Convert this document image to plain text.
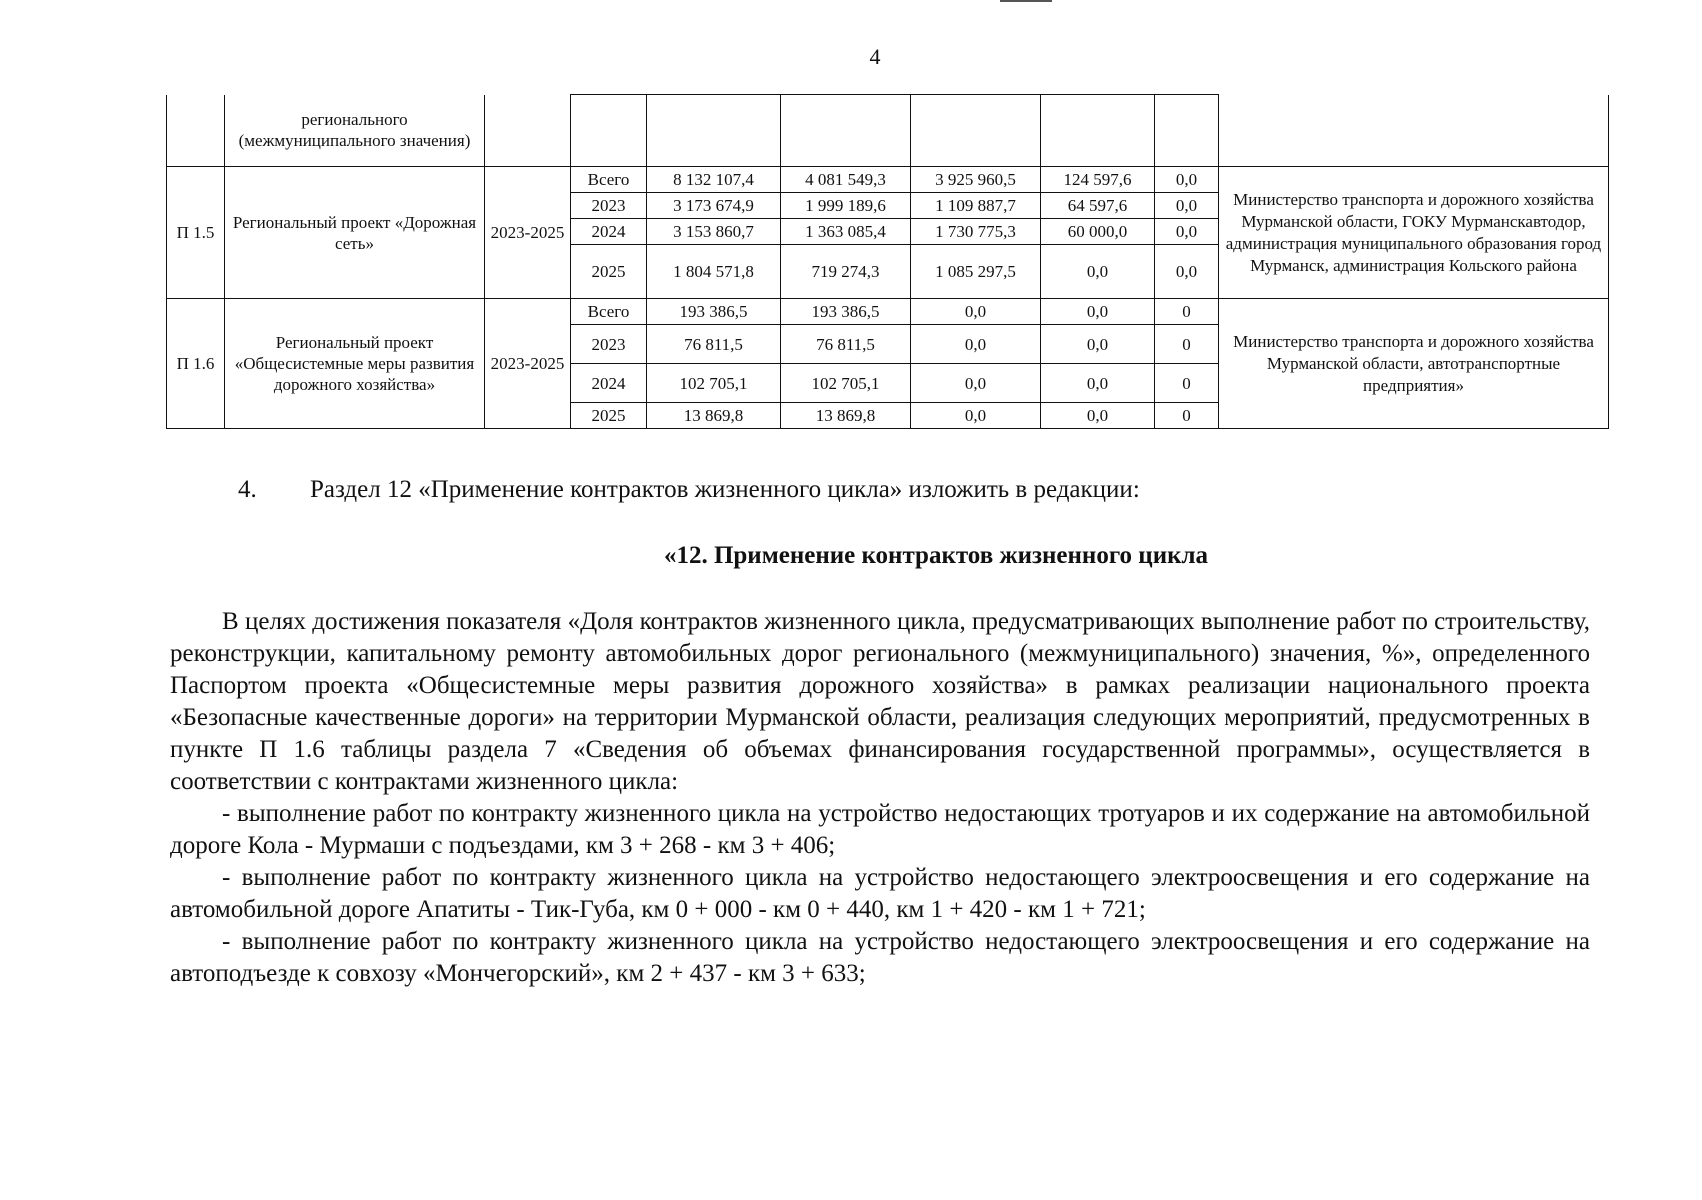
4
	регионального (межмуниципального значения)								
П 1.5	Региональный проект «Дорожная сеть»	2023-2025	Всего	8 132 107,4	4 081 549,3	3 925 960,5	124 597,6	0,0	Министерство транспорта и дорожного хозяйства Мурманской области, ГОКУ Мурманскавтодор, администрация муниципального образования город Мурманск, администрация Кольского района
			2023	3 173 674,9	1 999 189,6	1 109 887,7	64 597,6	0,0	
			2024	3 153 860,7	1 363 085,4	1 730 775,3	60 000,0	0,0	
			2025	1 804 571,8	719 274,3	1 085 297,5	0,0	0,0	
П 1.6	Региональный проект «Общесистемные меры развития дорожного хозяйства»	2023-2025	Всего	193 386,5	193 386,5	0,0	0,0	0	Министерство транспорта и дорожного хозяйства Мурманской области, автотранспортные предприятия»
			2023	76 811,5	76 811,5	0,0	0,0	0	
			2024	102 705,1	102 705,1	0,0	0,0	0	
			2025	13 869,8	13 869,8	0,0	0,0	0	
4. Раздел 12 «Применение контрактов жизненного цикла» изложить в редакции:
«12. Применение контрактов жизненного цикла

В целях достижения показателя «Доля контрактов жизненного цикла, предусматривающих выполнение работ по строительству, реконструкции, капитальному ремонту автомобильных дорог регионального (межмуниципального) значения, %», определенного Паспортом проекта «Общесистемные меры развития дорожного хозяйства» в рамках реализации национального проекта «Безопасные качественные дороги» на территории Мурманской области, реализация следующих мероприятий, предусмотренных в пункте П 1.6 таблицы раздела 7 «Сведения об объемах финансирования государственной программы», осуществляется в соответствии с контрактами жизненного цикла:

- выполнение работ по контракту жизненного цикла на устройство недостающих тротуаров и их содержание на автомобильной дороге Кола - Мурмаши с подъездами, км 3 + 268 - км 3 + 406;

- выполнение работ по контракту жизненного цикла на устройство недостающего электроосвещения и его содержание на автомобильной дороге Апатиты - Тик-Губа, км 0 + 000 - км 0 + 440, км 1 + 420 - км 1 + 721;

- выполнение работ по контракту жизненного цикла на устройство недостающего электроосвещения и его содержание на автоподъезде к совхозу «Мончегорский», км 2 + 437 - км 3 + 633;
